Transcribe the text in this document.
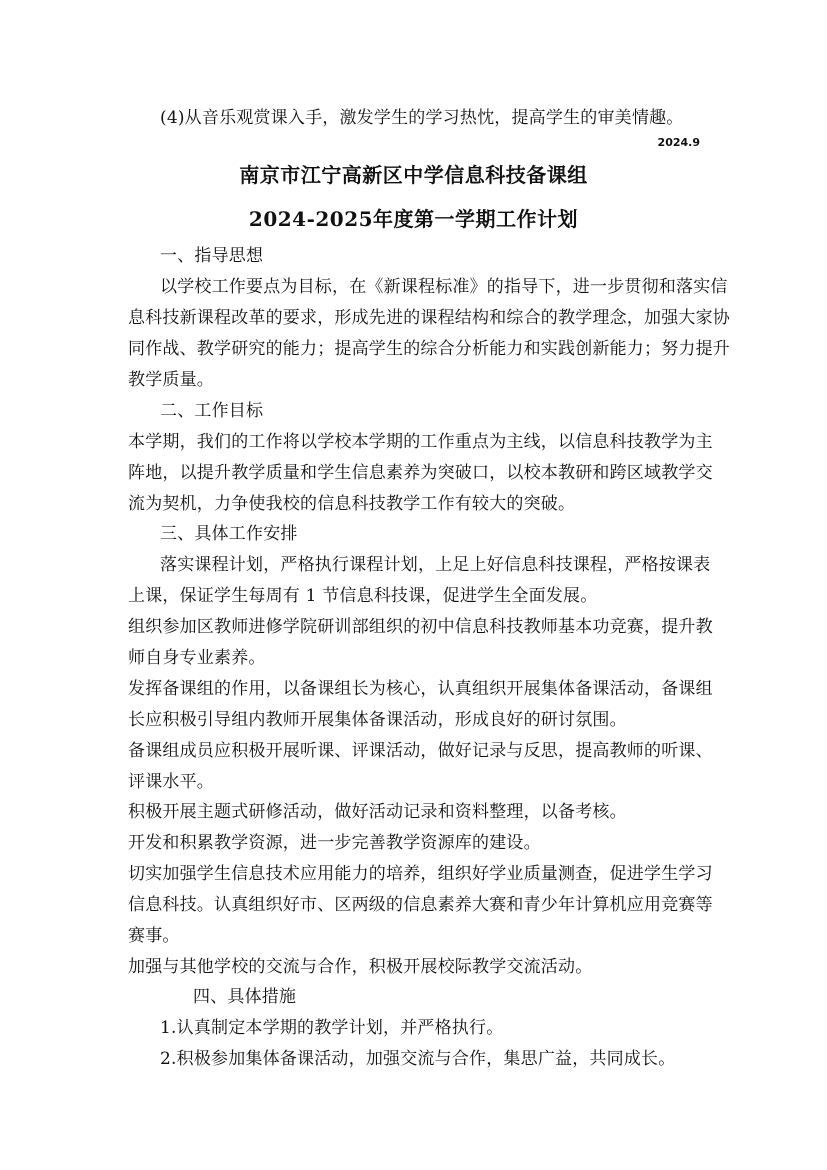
(4)从音乐观赏课入手，激发学生的学习热忱，提高学生的审美情趣。
2024.9
南京市江宁高新区中学信息科技备课组
2024-2025年度第一学期工作计划
一、指导思想
以学校工作要点为目标，在《新课程标准》的指导下，进一步贯彻和落实信
息科技新课程改革的要求，形成先进的课程结构和综合的教学理念，加强大家协
同作战、教学研究的能力；提高学生的综合分析能力和实践创新能力；努力提升
教学质量。
二、工作目标
本学期，我们的工作将以学校本学期的工作重点为主线，以信息科技教学为主
阵地，以提升教学质量和学生信息素养为突破口，以校本教研和跨区域教学交
流为契机，力争使我校的信息科技教学工作有较大的突破。
三、具体工作安排
落实课程计划，严格执行课程计划，上足上好信息科技课程，严格按课表
上课，保证学生每周有 1 节信息科技课，促进学生全面发展。
组织参加区教师进修学院研训部组织的初中信息科技教师基本功竞赛，提升教
师自身专业素养。
发挥备课组的作用，以备课组长为核心，认真组织开展集体备课活动，备课组
长应积极引导组内教师开展集体备课活动，形成良好的研讨氛围。
备课组成员应积极开展听课、评课活动，做好记录与反思，提高教师的听课、
评课水平。
积极开展主题式研修活动，做好活动记录和资料整理，以备考核。
开发和积累教学资源，进一步完善教学资源库的建设。
切实加强学生信息技术应用能力的培养，组织好学业质量测查，促进学生学习
信息科技。认真组织好市、区两级的信息素养大赛和青少年计算机应用竞赛等
赛事。
加强与其他学校的交流与合作，积极开展校际教学交流活动。
四、具体措施
1.认真制定本学期的教学计划，并严格执行。
2.积极参加集体备课活动，加强交流与合作，集思广益，共同成长。
